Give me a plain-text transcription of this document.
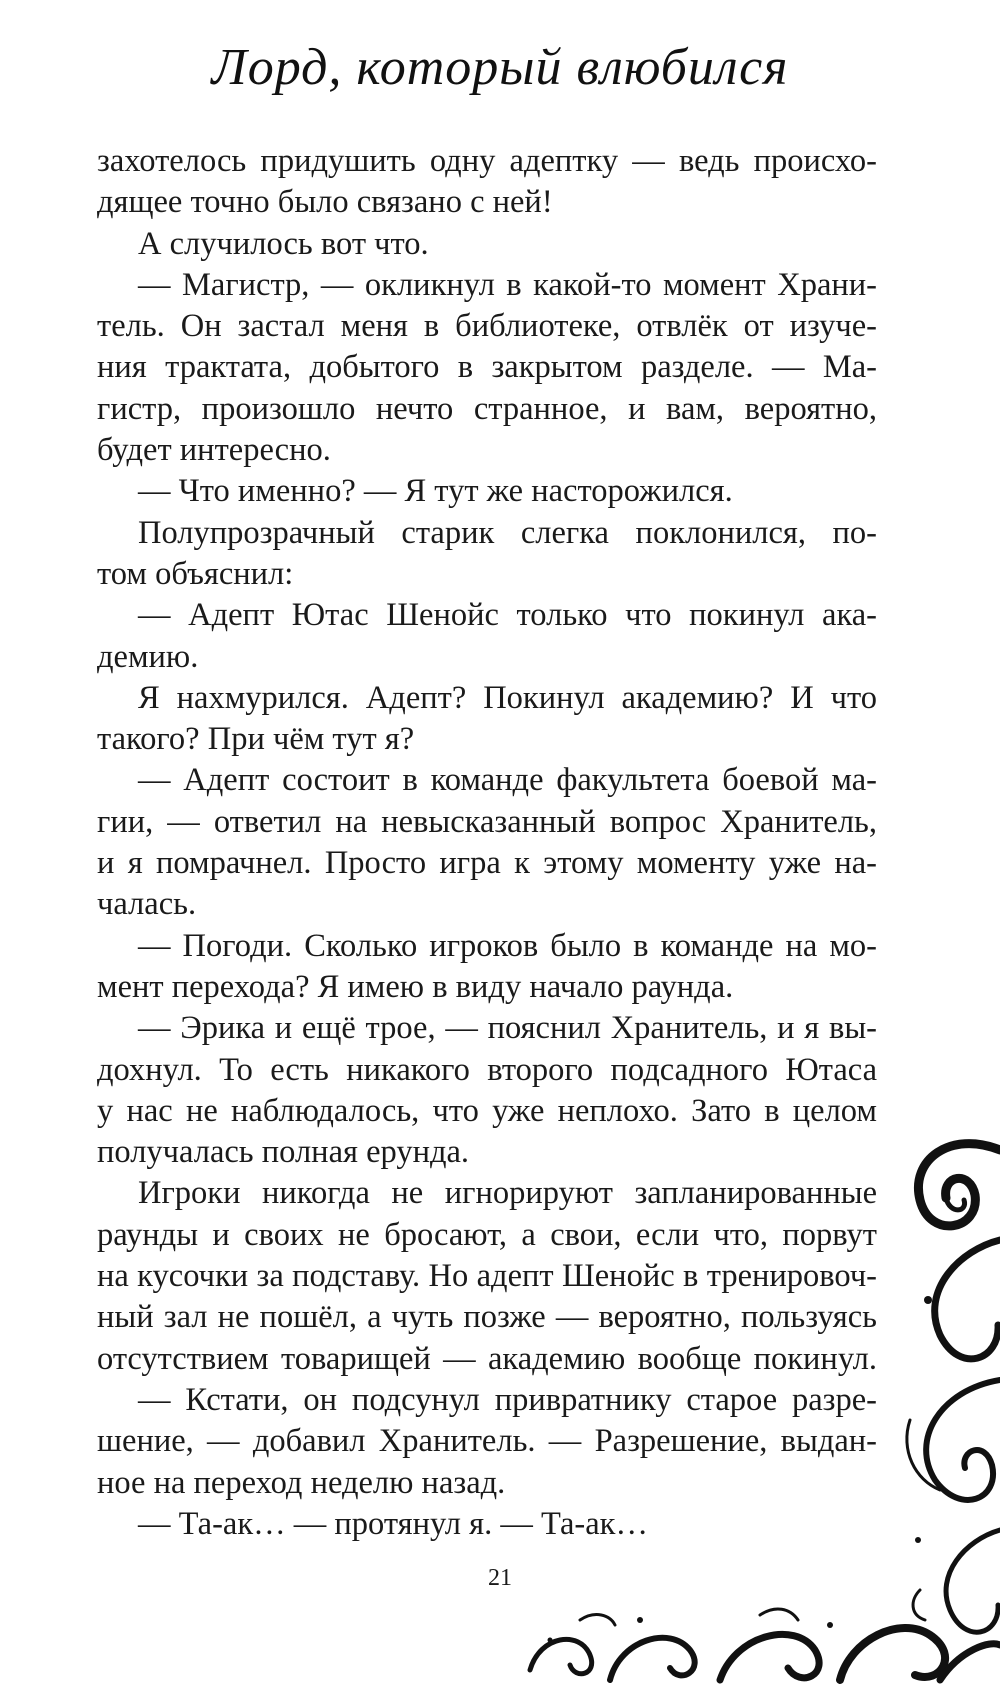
Лорд, который влюбился
захотелось придушить одну адептку — ведь происхо-
дящее точно было связано с ней!
А случилось вот что.
— Магистр, — окликнул в какой-то момент Храни-
тель. Он застал меня в библиотеке, отвлёк от изуче-
ния трактата, добытого в закрытом разделе. — Ма-
гистр, произошло нечто странное, и вам, вероятно,
будет интересно.
— Что именно? — Я тут же насторожился.
Полупрозрачный старик слегка поклонился, по-
том объяснил:
— Адепт Ютас Шенойс только что покинул ака-
демию.
Я нахмурился. Адепт? Покинул академию? И что
такого? При чём тут я?
— Адепт состоит в команде факультета боевой ма-
гии, — ответил на невысказанный вопрос Хранитель,
и я помрачнел. Просто игра к этому моменту уже на-
чалась.
— Погоди. Сколько игроков было в команде на мо-
мент перехода? Я имею в виду начало раунда.
— Эрика и ещё трое, — пояснил Хранитель, и я вы-
дохнул. То есть никакого второго подсадного Ютаса
у нас не наблюдалось, что уже неплохо. Зато в целом
получалась полная ерунда.
Игроки никогда не игнорируют запланированные
раунды и своих не бросают, а свои, если что, порвут
на кусочки за подставу. Но адепт Шенойс в тренировоч-
ный зал не пошёл, а чуть позже — вероятно, пользуясь
отсутствием товарищей — академию вообще покинул.
— Кстати, он подсунул привратнику старое разре-
шение, — добавил Хранитель. — Разрешение, выдан-
ное на переход неделю назад.
— Та-ак… — протянул я. — Та-ак…
21
